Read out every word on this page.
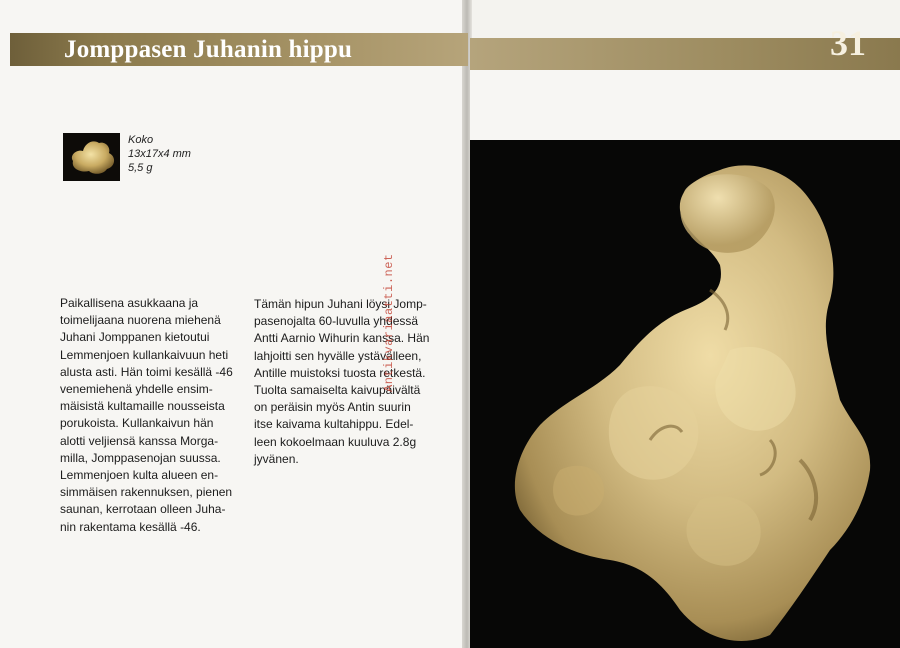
Jomppasen Juhanin hippu	31
Koko
13x17x4 mm
5,5 g
Paikallisena asukkaana ja
toimelijaana nuorena miehenä
Juhani Jomppanen kietoutui
Lemmenjoen kullankaivuun heti
alusta asti. Hän toimi kesällä -46
venemiehenä yhdelle ensim-
mäisistä kultamaille nousseista
porukoista. Kullankaivun hän
alotti veljiensä kanssa Morga-
milla, Jomppasenojan suussa.
Lemmenjoen kulta alueen en-
simmäisen rakennuksen, pienen
saunan, kerrotaan olleen Juha-
nin rakentama kesällä -46.
Tämän hipun Juhani löysi Jomp-
pasenojalta 60-luvulla yhdessä
Antti Aarnio Wihurin kanssa. Hän
lahjoitti sen hyvälle ystävälleen,
Antille muistoksi tuosta retkestä.
Tuolta samaiselta kaivupäivältä
on peräisin myös Antin suurin
itse kaivama kultahippu. Edel-
leen kokoelmaan kuuluva 2.8g
jyvänen.
Antikvariaatti.net
